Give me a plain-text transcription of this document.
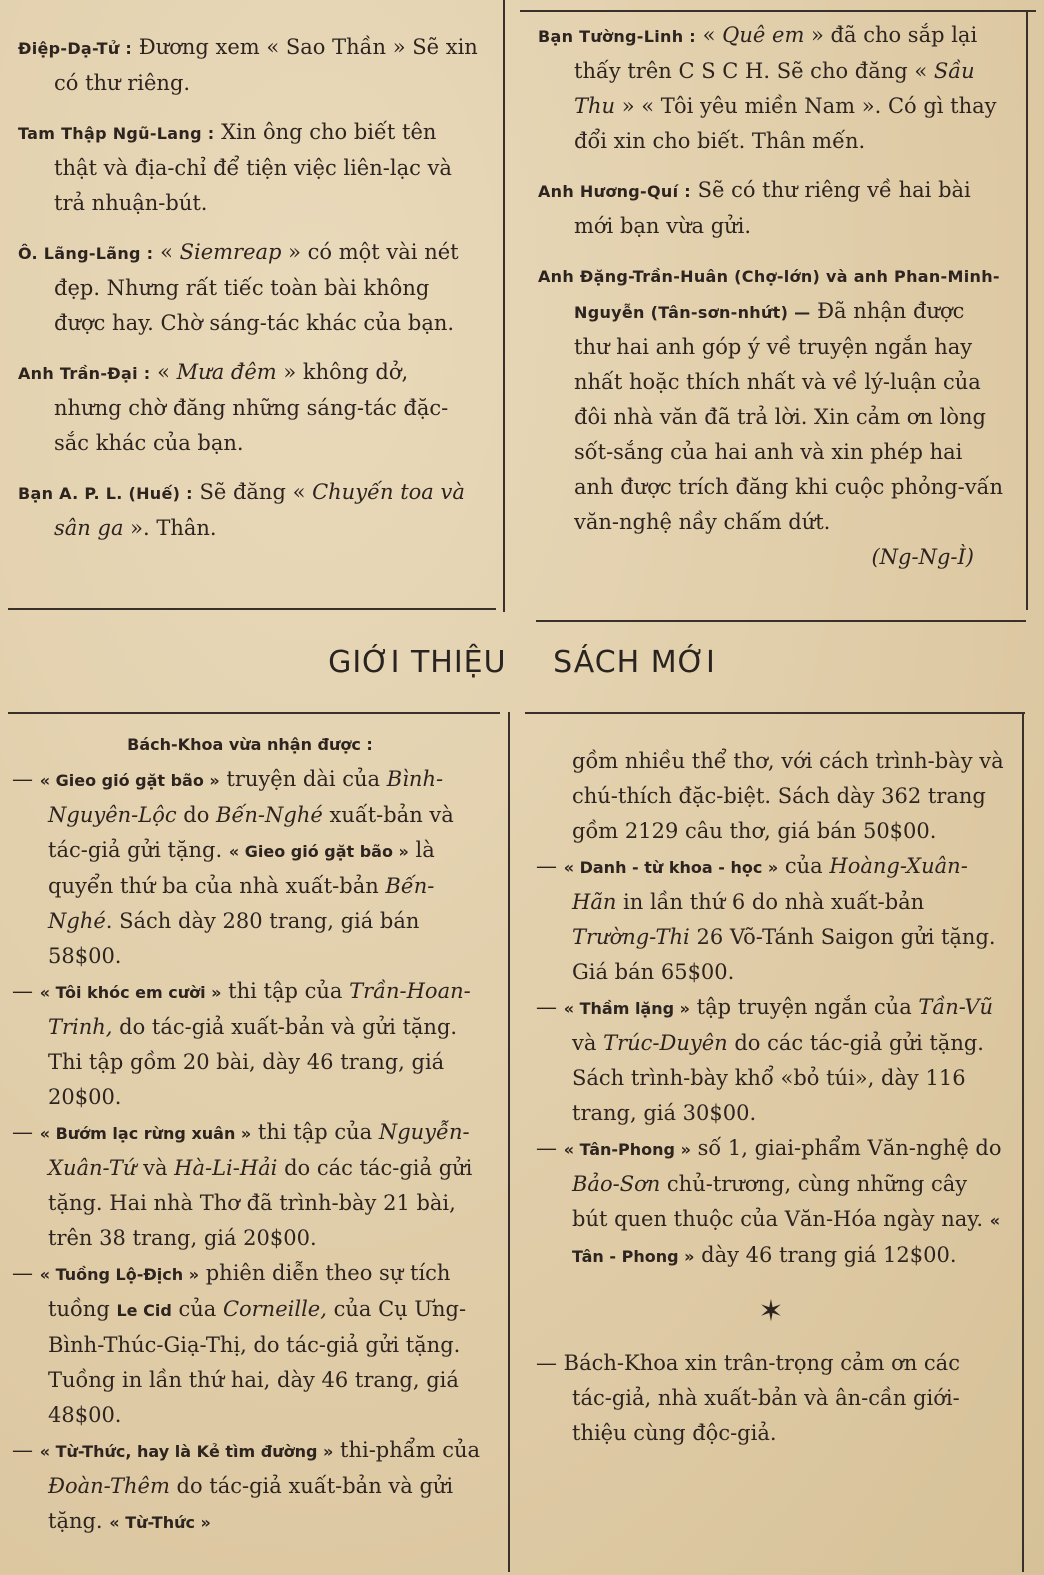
Điệp-Dạ-Tử : Đương xem « Sao Thần » Sẽ xin có thư riêng.

Tam Thập Ngũ-Lang : Xin ông cho biết tên thật và địa-chỉ để tiện việc liên-lạc và trả nhuận-bút.

Ô. Lãng-Lãng : « Siemreap » có một vài nét đẹp. Nhưng rất tiếc toàn bài không được hay. Chờ sáng-tác khác của bạn.

Anh Trần-Đại : « Mưa đêm » không dở, nhưng chờ đăng những sáng-tác đặc-sắc khác của bạn.

Bạn A. P. L. (Huế) : Sẽ đăng « Chuyến toa và sân ga ». Thân.

Bạn Tường-Linh : « Quê em » đã cho sắp lại thấy trên C S C H. Sẽ cho đăng « Sầu Thu » « Tôi yêu miền Nam ». Có gì thay đổi xin cho biết. Thân mến.

Anh Hương-Quí : Sẽ có thư riêng về hai bài mới bạn vừa gửi.

Anh Đặng-Trần-Huân (Chợ-lớn) và anh Phan-Minh-Nguyễn (Tân-sơn-nhứt) — Đã nhận được thư hai anh góp ý về truyện ngắn hay nhất hoặc thích nhất và về lý-luận của đôi nhà văn đã trả lời. Xin cảm ơn lòng sốt-sắng của hai anh và xin phép hai anh được trích đăng khi cuộc phỏng-vấn văn-nghệ nầy chấm dứt.

(Ng-Ng-Ì)

GIỚI THIỆU SÁCH MỚI

Bách-Khoa vừa nhận được :

— « Gieo gió gặt bão » truyện dài của Bình-Nguyên-Lộc do Bến-Nghé xuất-bản và tác-giả gửi tặng. « Gieo gió gặt bão » là quyển thứ ba của nhà xuất-bản Bến-Nghé. Sách dày 280 trang, giá bán 58$00.

— « Tôi khóc em cười » thi tập của Trần-Hoan-Trinh, do tác-giả xuất-bản và gửi tặng. Thi tập gồm 20 bài, dày 46 trang, giá 20$00.

— « Bướm lạc rừng xuân » thi tập của Nguyễn-Xuân-Tứ và Hà-Li-Hải do các tác-giả gửi tặng. Hai nhà Thơ đã trình-bày 21 bài, trên 38 trang, giá 20$00.

— « Tuồng Lộ-Địch » phiên diễn theo sự tích tuồng Le Cid của Corneille, của Cụ Ưng-Bình-Thúc-Giạ-Thị, do tác-giả gửi tặng. Tuồng in lần thứ hai, dày 46 trang, giá 48$00.

— « Từ-Thức, hay là Kẻ tìm đường » thi-phẩm của Đoàn-Thêm do tác-giả xuất-bản và gửi tặng. « Từ-Thức »

gồm nhiều thể thơ, với cách trình-bày và chú-thích đặc-biệt. Sách dày 362 trang gồm 2129 câu thơ, giá bán 50$00.

— « Danh - từ khoa - học » của Hoàng-Xuân-Hãn in lần thứ 6 do nhà xuất-bản Trường-Thi 26 Võ-Tánh Saigon gửi tặng. Giá bán 65$00.

— « Thầm lặng » tập truyện ngắn của Tần-Vũ và Trúc-Duyên do các tác-giả gửi tặng. Sách trình-bày khổ «bỏ túi», dày 116 trang, giá 30$00.

— « Tân-Phong » số 1, giai-phẩm Văn-nghệ do Bảo-Sơn chủ-trương, cùng những cây bút quen thuộc của Văn-Hóa ngày nay. « Tân - Phong » dày 46 trang giá 12$00.

✶

— Bách-Khoa xin trân-trọng cảm ơn các tác-giả, nhà xuất-bản và ân-cần giới-thiệu cùng độc-giả.
